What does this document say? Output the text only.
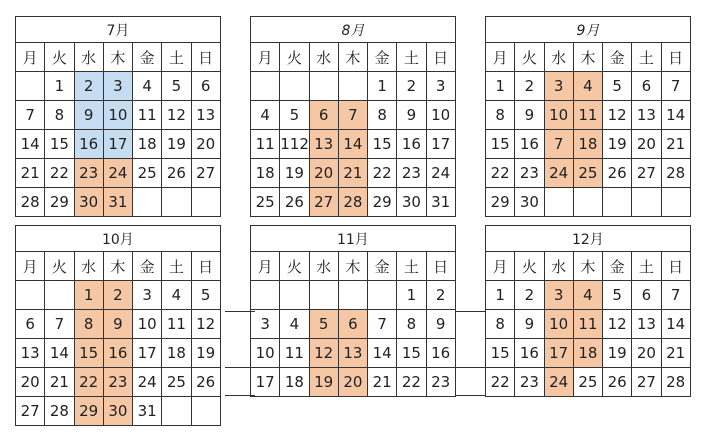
7月						
月	火	水	木	金	土	日
	1	2	3	4	5	6
7	8	9	10	11	12	13
14	15	16	17	18	19	20
21	22	23	24	25	26	27
28	29	30	31			
8月						
月	火	水	木	金	土	日
				1	2	3
4	5	6	7	8	9	10
11	112	13	14	15	16	17
18	19	20	21	22	23	24
25	26	27	28	29	30	31
9月						
月	火	水	木	金	土	日
1	2	3	4	5	6	7
8	9	10	11	12	13	14
15	16	7	18	19	20	21
22	23	24	25	26	27	28
29	30					
10月						
月	火	水	木	金	土	日
		1	2	3	4	5
6	7	8	9	10	11	12
13	14	15	16	17	18	19
20	21	22	23	24	25	26
27	28	29	30	31		
11月						
月	火	水	木	金	土	日
					1	2
3	4	5	6	7	8	9
10	11	12	13	14	15	16
17	18	19	20	21	22	23
12月						
月	火	水	木	金	土	日
1	2	3	4	5	6	7
8	9	10	11	12	13	14
15	16	17	18	19	20	21
22	23	24	25	26	27	28
